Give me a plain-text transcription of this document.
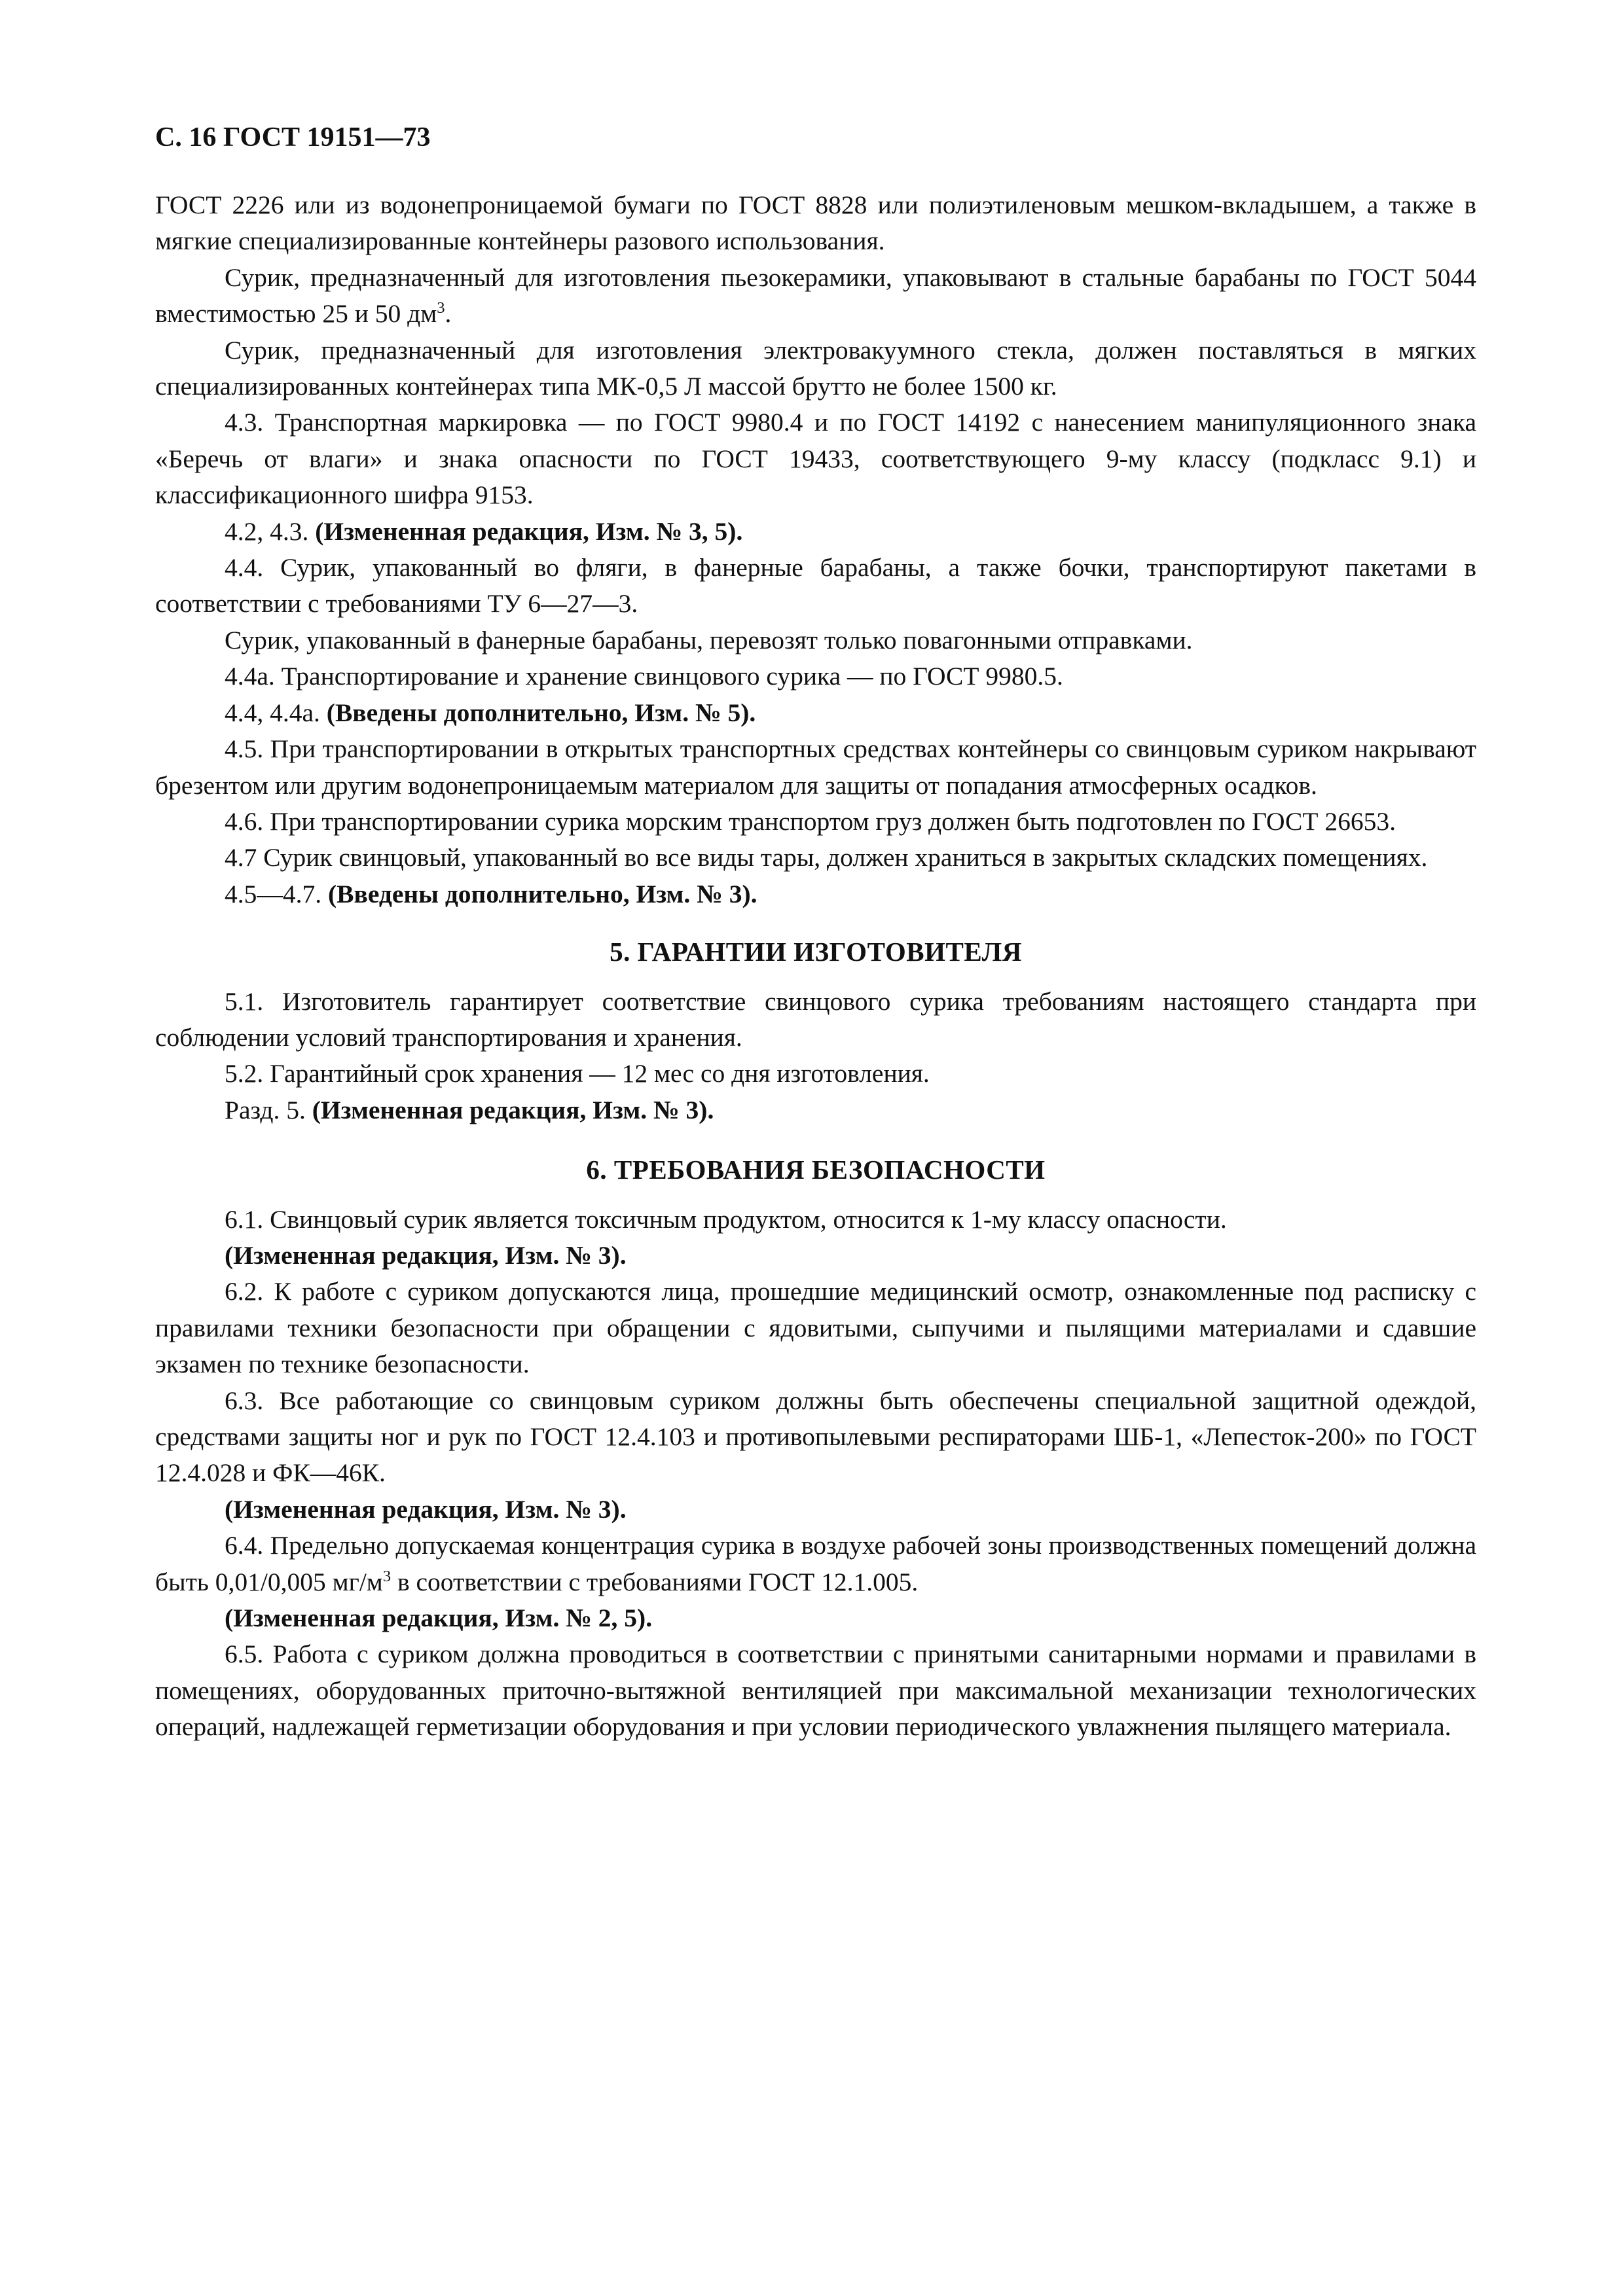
С. 16 ГОСТ 19151—73

ГОСТ 2226 или из водонепроницаемой бумаги по ГОСТ 8828 или полиэтиленовым мешком-вкладышем, а также в мягкие специализированные контейнеры разового использования.

Сурик, предназначенный для изготовления пьезокерамики, упаковывают в стальные барабаны по ГОСТ 5044 вместимостью 25 и 50 $дм^3$.

Сурик, предназначенный для изготовления электровакуумного стекла, должен поставляться в мягких специализированных контейнерах типа МК-0,5 Л массой брутто не более 1500 кг.

4.3. Транспортная маркировка — по ГОСТ 9980.4 и по ГОСТ 14192 с нанесением манипуляционного знака «Беречь от влаги» и знака опасности по ГОСТ 19433, соответствующего 9-му классу (подкласс 9.1) и классификационного шифра 9153.

4.2, 4.3. (Измененная редакция, Изм. № 3, 5).

4.4. Сурик, упакованный во фляги, в фанерные барабаны, а также бочки, транспортируют пакетами в соответствии с требованиями ТУ 6—27—3.

Сурик, упакованный в фанерные барабаны, перевозят только повагонными отправками.

4.4а. Транспортирование и хранение свинцового сурика — по ГОСТ 9980.5.

4.4, 4.4а. (Введены дополнительно, Изм. № 5).

4.5. При транспортировании в открытых транспортных средствах контейнеры со свинцовым суриком накрывают брезентом или другим водонепроницаемым материалом для защиты от попадания атмосферных осадков.

4.6. При транспортировании сурика морским транспортом груз должен быть подготовлен по ГОСТ 26653.

4.7 Сурик свинцовый, упакованный во все виды тары, должен храниться в закрытых складских помещениях.

4.5—4.7. (Введены дополнительно, Изм. № 3).

5. ГАРАНТИИ ИЗГОТОВИТЕЛЯ

5.1. Изготовитель гарантирует соответствие свинцового сурика требованиям настоящего стандарта при соблюдении условий транспортирования и хранения.

5.2. Гарантийный срок хранения — 12 мес со дня изготовления.

Разд. 5. (Измененная редакция, Изм. № 3).

6. ТРЕБОВАНИЯ БЕЗОПАСНОСТИ

6.1. Свинцовый сурик является токсичным продуктом, относится к 1-му классу опасности.

(Измененная редакция, Изм. № 3).

6.2. К работе с суриком допускаются лица, прошедшие медицинский осмотр, ознакомленные под расписку с правилами техники безопасности при обращении с ядовитыми, сыпучими и пылящими материалами и сдавшие экзамен по технике безопасности.

6.3. Все работающие со свинцовым суриком должны быть обеспечены специальной защитной одеждой, средствами защиты ног и рук по ГОСТ 12.4.103 и противопылевыми респираторами ШБ-1, «Лепесток-200» по ГОСТ 12.4.028 и ФК—46К.

(Измененная редакция, Изм. № 3).

6.4. Предельно допускаемая концентрация сурика в воздухе рабочей зоны производственных помещений должна быть 0,01/0,005 $мг/м^3$ в соответствии с требованиями ГОСТ 12.1.005.

(Измененная редакция, Изм. № 2, 5).

6.5. Работа с суриком должна проводиться в соответствии с принятыми санитарными нормами и правилами в помещениях, оборудованных приточно-вытяжной вентиляцией при максимальной механизации технологических операций, надлежащей герметизации оборудования и при условии периодического увлажнения пылящего материала.
